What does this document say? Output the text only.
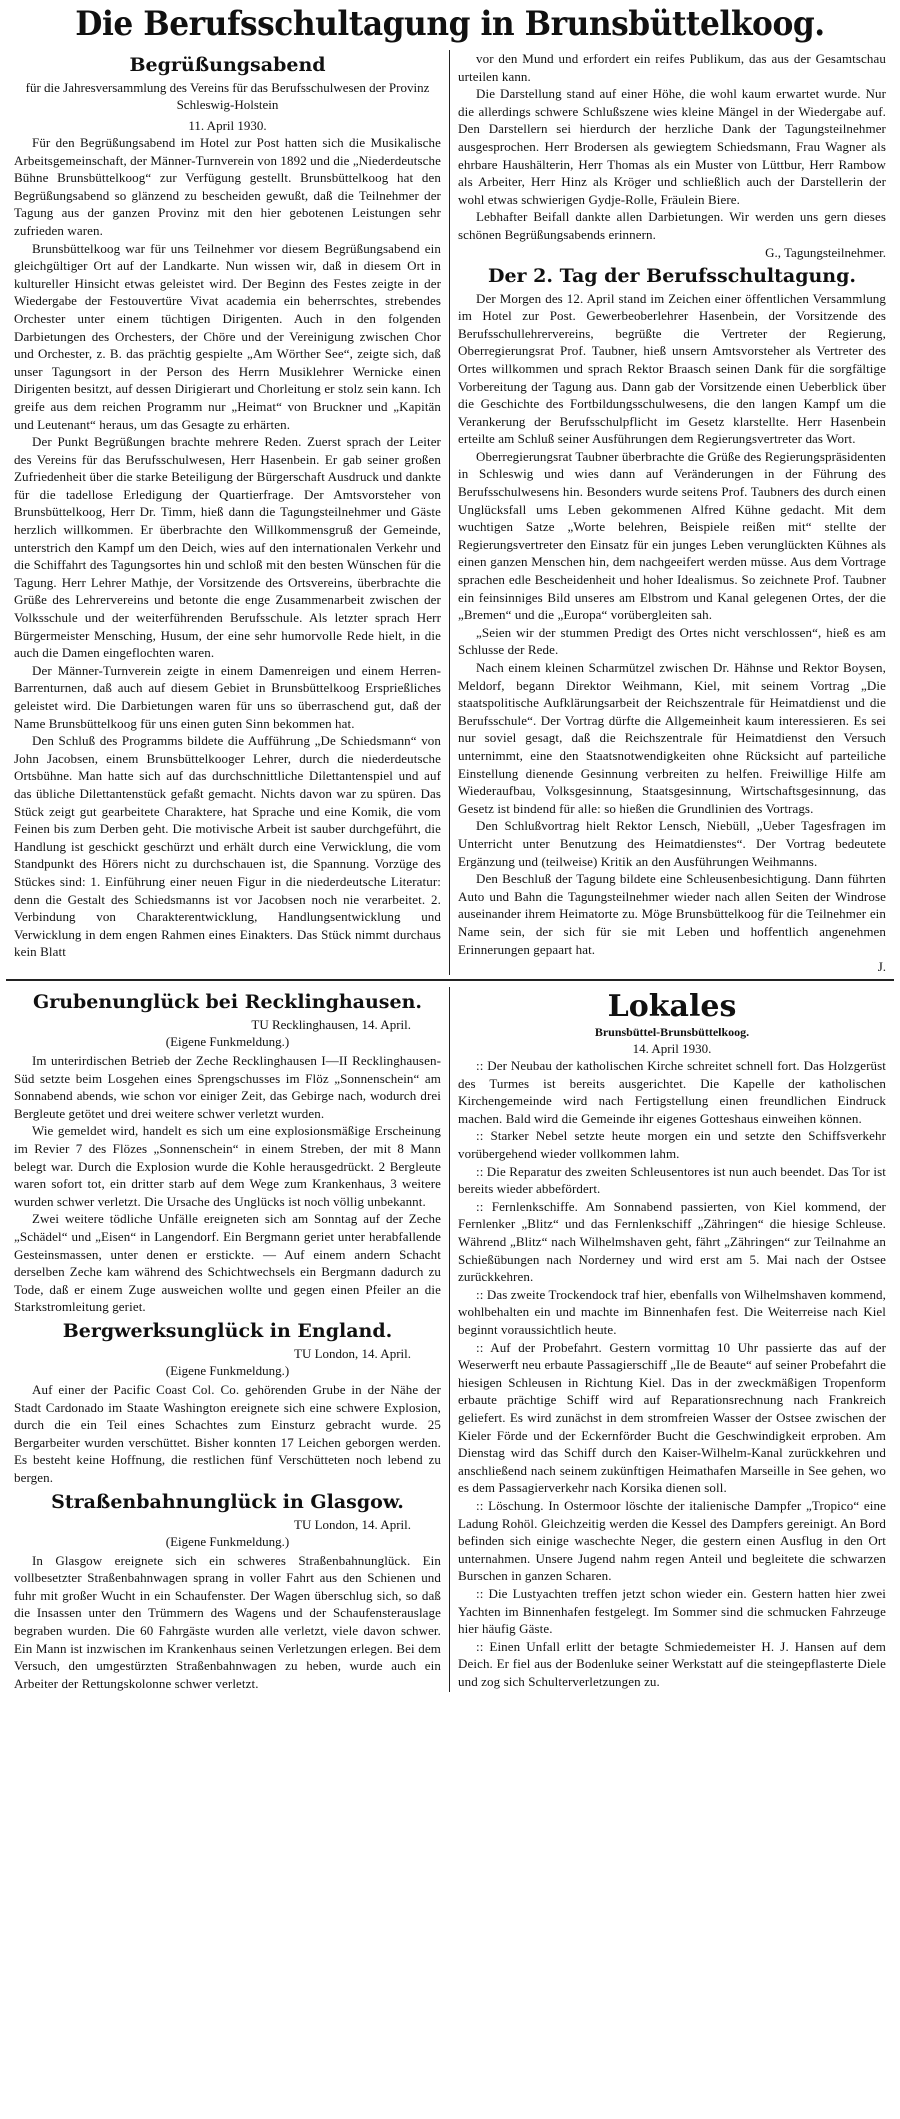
Die Berufsschultagung in Brunsbüttelkoog.
Begrüßungsabend

für die Jahresversammlung des Vereins für das Berufsschulwesen der Provinz Schleswig-Holstein

11. April 1930.

Für den Begrüßungsabend im Hotel zur Post hatten sich die Musikalische Arbeitsgemeinschaft, der Männer-Turnverein von 1892 und die „Niederdeutsche Bühne Brunsbüttelkoog“ zur Verfügung gestellt. Brunsbüttelkoog hat den Begrüßungsabend so glänzend zu bescheiden gewußt, daß die Teilnehmer der Tagung aus der ganzen Provinz mit den hier gebotenen Leistungen sehr zufrieden waren.

Brunsbüttelkoog war für uns Teilnehmer vor diesem Begrüßungsabend ein gleichgültiger Ort auf der Landkarte. Nun wissen wir, daß in diesem Ort in kultureller Hinsicht etwas geleistet wird. Der Beginn des Festes zeigte in der Wiedergabe der Festouvertüre Vivat academia ein beherrschtes, strebendes Orchester unter einem tüchtigen Dirigenten. Auch in den folgenden Darbietungen des Orchesters, der Chöre und der Vereinigung zwischen Chor und Orchester, z. B. das prächtig gespielte „Am Wörther See“, zeigte sich, daß unser Tagungsort in der Person des Herrn Musiklehrer Wernicke einen Dirigenten besitzt, auf dessen Dirigierart und Chorleitung er stolz sein kann. Ich greife aus dem reichen Programm nur „Heimat“ von Bruckner und „Kapitän und Leutenant“ heraus, um das Gesagte zu erhärten.

Der Punkt Begrüßungen brachte mehrere Reden. Zuerst sprach der Leiter des Vereins für das Berufsschulwesen, Herr Hasenbein. Er gab seiner großen Zufriedenheit über die starke Beteiligung der Bürgerschaft Ausdruck und dankte für die tadellose Erledigung der Quartierfrage. Der Amtsvorsteher von Brunsbüttelkoog, Herr Dr. Timm, hieß dann die Tagungsteilnehmer und Gäste herzlich willkommen. Er überbrachte den Willkommensgruß der Gemeinde, unterstrich den Kampf um den Deich, wies auf den internationalen Verkehr und die Schiffahrt des Tagungsortes hin und schloß mit den besten Wünschen für die Tagung. Herr Lehrer Mathje, der Vorsitzende des Ortsvereins, überbrachte die Grüße des Lehrervereins und betonte die enge Zusammenarbeit zwischen der Volksschule und der weiterführenden Berufsschule. Als letzter sprach Herr Bürgermeister Mensching, Husum, der eine sehr humorvolle Rede hielt, in die auch die Damen eingeflochten waren.

Der Männer-Turnverein zeigte in einem Damenreigen und einem Herren-Barrenturnen, daß auch auf diesem Gebiet in Brunsbüttelkoog Ersprießliches geleistet wird. Die Darbietungen waren für uns so überraschend gut, daß der Name Brunsbüttelkoog für uns einen guten Sinn bekommen hat.

Den Schluß des Programms bildete die Aufführung „De Schiedsmann“ von John Jacobsen, einem Brunsbüttelkooger Lehrer, durch die niederdeutsche Ortsbühne. Man hatte sich auf das durchschnittliche Dilettantenspiel und auf das übliche Dilettantenstück gefaßt gemacht. Nichts davon war zu spüren. Das Stück zeigt gut gearbeitete Charaktere, hat Sprache und eine Komik, die vom Feinen bis zum Derben geht. Die motivische Arbeit ist sauber durchgeführt, die Handlung ist geschickt geschürzt und erhält durch eine Verwicklung, die vom Standpunkt des Hörers nicht zu durchschauen ist, die Spannung. Vorzüge des Stückes sind: 1. Einführung einer neuen Figur in die niederdeutsche Literatur: denn die Gestalt des Schiedsmanns ist vor Jacobsen noch nie verarbeitet. 2. Verbindung von Charakterentwicklung, Handlungsentwicklung und Verwicklung in dem engen Rahmen eines Einakters. Das Stück nimmt durchaus kein Blatt

vor den Mund und erfordert ein reifes Publikum, das aus der Gesamtschau urteilen kann.

Die Darstellung stand auf einer Höhe, die wohl kaum erwartet wurde. Nur die allerdings schwere Schlußszene wies kleine Mängel in der Wiedergabe auf. Den Darstellern sei hierdurch der herzliche Dank der Tagungsteilnehmer ausgesprochen. Herr Brodersen als gewiegtem Schiedsmann, Frau Wagner als ehrbare Haushälterin, Herr Thomas als ein Muster von Lüttbur, Herr Rambow als Arbeiter, Herr Hinz als Kröger und schließlich auch der Darstellerin der wohl etwas schwierigen Gydje-Rolle, Fräulein Biere.

Lebhafter Beifall dankte allen Darbietungen. Wir werden uns gern dieses schönen Begrüßungsabends erinnern.

G., Tagungsteilnehmer.

Der 2. Tag der Berufsschultagung.

Der Morgen des 12. April stand im Zeichen einer öffentlichen Versammlung im Hotel zur Post. Gewerbeoberlehrer Hasenbein, der Vorsitzende des Berufsschullehrervereins, begrüßte die Vertreter der Regierung, Oberregierungsrat Prof. Taubner, hieß unsern Amtsvorsteher als Vertreter des Ortes willkommen und sprach Rektor Braasch seinen Dank für die sorgfältige Vorbereitung der Tagung aus. Dann gab der Vorsitzende einen Ueberblick über die Geschichte des Fortbildungsschulwesens, die den langen Kampf um die Verankerung der Berufsschulpflicht im Gesetz klarstellte. Herr Hasenbein erteilte am Schluß seiner Ausführungen dem Regierungsvertreter das Wort.

Oberregierungsrat Taubner überbrachte die Grüße des Regierungspräsidenten in Schleswig und wies dann auf Veränderungen in der Führung des Berufsschulwesens hin. Besonders wurde seitens Prof. Taubners des durch einen Unglücksfall ums Leben gekommenen Alfred Kühne gedacht. Mit dem wuchtigen Satze „Worte belehren, Beispiele reißen mit“ stellte der Regierungsvertreter den Einsatz für ein junges Leben verunglückten Kühnes als einen ganzen Menschen hin, dem nachgeeifert werden müsse. Aus dem Vortrage sprachen edle Bescheidenheit und hoher Idealismus. So zeichnete Prof. Taubner ein feinsinniges Bild unseres am Elbstrom und Kanal gelegenen Ortes, der die „Bremen“ und die „Europa“ vorübergleiten sah.

„Seien wir der stummen Predigt des Ortes nicht verschlossen“, hieß es am Schlusse der Rede.

Nach einem kleinen Scharmützel zwischen Dr. Hähnse und Rektor Boysen, Meldorf, begann Direktor Weihmann, Kiel, mit seinem Vortrag „Die staatspolitische Aufklärungsarbeit der Reichszentrale für Heimatdienst und die Berufsschule“. Der Vortrag dürfte die Allgemeinheit kaum interessieren. Es sei nur soviel gesagt, daß die Reichszentrale für Heimatdienst den Versuch unternimmt, eine den Staatsnotwendigkeiten ohne Rücksicht auf parteiliche Einstellung dienende Gesinnung verbreiten zu helfen. Freiwillige Hilfe am Wiederaufbau, Volksgesinnung, Staatsgesinnung, Wirtschaftsgesinnung, das Gesetz ist bindend für alle: so hießen die Grundlinien des Vortrags.

Den Schlußvortrag hielt Rektor Lensch, Niebüll, „Ueber Tagesfragen im Unterricht unter Benutzung des Heimatdienstes“. Der Vortrag bedeutete Ergänzung und (teilweise) Kritik an den Ausführungen Weihmanns.

Den Beschluß der Tagung bildete eine Schleusenbesichtigung. Dann führten Auto und Bahn die Tagungsteilnehmer wieder nach allen Seiten der Windrose auseinander ihrem Heimatorte zu. Möge Brunsbüttelkoog für die Teilnehmer ein Name sein, der sich für sie mit Leben und hoffentlich angenehmen Erinnerungen gepaart hat.

J.

Grubenunglück bei Recklinghausen.

TU Recklinghausen, 14. April.

(Eigene Funkmeldung.)

Im unterirdischen Betrieb der Zeche Recklinghausen I—II Recklinghausen-Süd setzte beim Losgehen eines Sprengschusses im Flöz „Sonnenschein“ am Sonnabend abends, wie schon vor einiger Zeit, das Gebirge nach, wodurch drei Bergleute getötet und drei weitere schwer verletzt wurden.

Wie gemeldet wird, handelt es sich um eine explosionsmäßige Erscheinung im Revier 7 des Flözes „Sonnenschein“ in einem Streben, der mit 8 Mann belegt war. Durch die Explosion wurde die Kohle herausgedrückt. 2 Bergleute waren sofort tot, ein dritter starb auf dem Wege zum Krankenhaus, 3 weitere wurden schwer verletzt. Die Ursache des Unglücks ist noch völlig unbekannt.

Zwei weitere tödliche Unfälle ereigneten sich am Sonntag auf der Zeche „Schädel“ und „Eisen“ in Langendorf. Ein Bergmann geriet unter herabfallende Gesteinsmassen, unter denen er erstickte. — Auf einem andern Schacht derselben Zeche kam während des Schichtwechsels ein Bergmann dadurch zu Tode, daß er einem Zuge ausweichen wollte und gegen einen Pfeiler an die Starkstromleitung geriet.

Bergwerksunglück in England.

TU London, 14. April.

(Eigene Funkmeldung.)

Auf einer der Pacific Coast Col. Co. gehörenden Grube in der Nähe der Stadt Cardonado im Staate Washington ereignete sich eine schwere Explosion, durch die ein Teil eines Schachtes zum Einsturz gebracht wurde. 25 Bergarbeiter wurden verschüttet. Bisher konnten 17 Leichen geborgen werden. Es besteht keine Hoffnung, die restlichen fünf Verschütteten noch lebend zu bergen.

Straßenbahnunglück in Glasgow.

TU London, 14. April.

(Eigene Funkmeldung.)

In Glasgow ereignete sich ein schweres Straßenbahnunglück. Ein vollbesetzter Straßenbahnwagen sprang in voller Fahrt aus den Schienen und fuhr mit großer Wucht in ein Schaufenster. Der Wagen überschlug sich, so daß die Insassen unter den Trümmern des Wagens und der Schaufensterauslage begraben wurden. Die 60 Fahrgäste wurden alle verletzt, viele davon schwer. Ein Mann ist inzwischen im Krankenhaus seinen Verletzungen erlegen. Bei dem Versuch, den umgestürzten Straßenbahnwagen zu heben, wurde auch ein Arbeiter der Rettungskolonne schwer verletzt.

Lokales

Brunsbüttel-Brunsbüttelkoog.

14. April 1930.

:: Der Neubau der katholischen Kirche schreitet schnell fort. Das Holzgerüst des Turmes ist bereits ausgerichtet. Die Kapelle der katholischen Kirchengemeinde wird nach Fertigstellung einen freundlichen Eindruck machen. Bald wird die Gemeinde ihr eigenes Gotteshaus einweihen können.

:: Starker Nebel setzte heute morgen ein und setzte den Schiffsverkehr vorübergehend wieder vollkommen lahm.

:: Die Reparatur des zweiten Schleusentores ist nun auch beendet. Das Tor ist bereits wieder abbefördert.

:: Fernlenkschiffe. Am Sonnabend passierten, von Kiel kommend, der Fernlenker „Blitz“ und das Fernlenkschiff „Zähringen“ die hiesige Schleuse. Während „Blitz“ nach Wilhelmshaven geht, fährt „Zähringen“ zur Teilnahme an Schießübungen nach Norderney und wird erst am 5. Mai nach der Ostsee zurückkehren.

:: Das zweite Trockendock traf hier, ebenfalls von Wilhelmshaven kommend, wohlbehalten ein und machte im Binnenhafen fest. Die Weiterreise nach Kiel beginnt voraussichtlich heute.

:: Auf der Probefahrt. Gestern vormittag 10 Uhr passierte das auf der Weserwerft neu erbaute Passagierschiff „Ile de Beaute“ auf seiner Probefahrt die hiesigen Schleusen in Richtung Kiel. Das in der zweckmäßigen Tropenform erbaute prächtige Schiff wird auf Reparationsrechnung nach Frankreich geliefert. Es wird zunächst in dem stromfreien Wasser der Ostsee zwischen der Kieler Förde und der Eckernförder Bucht die Geschwindigkeit erproben. Am Dienstag wird das Schiff durch den Kaiser-Wilhelm-Kanal zurückkehren und anschließend nach seinem zukünftigen Heimathafen Marseille in See gehen, wo es dem Passagierverkehr nach Korsika dienen soll.

:: Löschung. In Ostermoor löschte der italienische Dampfer „Tropico“ eine Ladung Rohöl. Gleichzeitig werden die Kessel des Dampfers gereinigt. An Bord befinden sich einige waschechte Neger, die gestern einen Ausflug in den Ort unternahmen. Unsere Jugend nahm regen Anteil und begleitete die schwarzen Burschen in ganzen Scharen.

:: Die Lustyachten treffen jetzt schon wieder ein. Gestern hatten hier zwei Yachten im Binnenhafen festgelegt. Im Sommer sind die schmucken Fahrzeuge hier häufig Gäste.

:: Einen Unfall erlitt der betagte Schmiedemeister H. J. Hansen auf dem Deich. Er fiel aus der Bodenluke seiner Werkstatt auf die steingepflasterte Diele und zog sich Schulterverletzungen zu.
